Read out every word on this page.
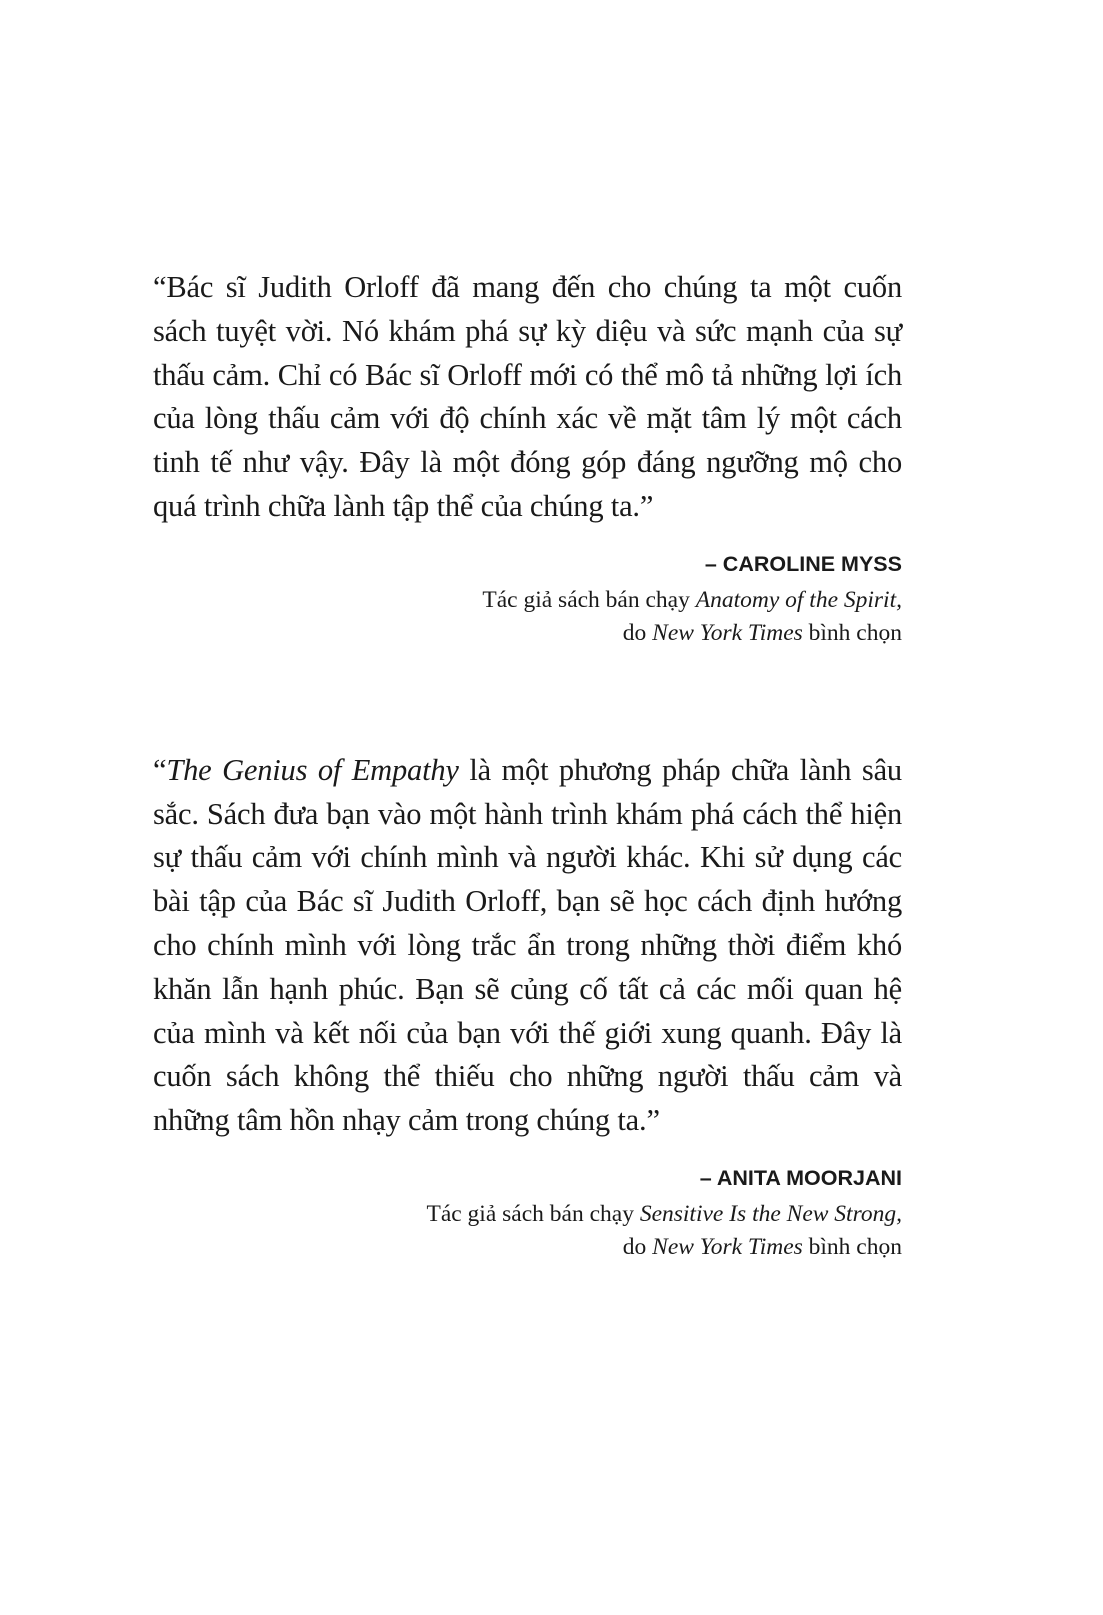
“Bác sĩ Judith Orloff đã mang đến cho chúng ta một cuốn sách tuyệt vời. Nó khám phá sự kỳ diệu và sức mạnh của sự thấu cảm. Chỉ có Bác sĩ Orloff mới có thể mô tả những lợi ích của lòng thấu cảm với độ chính xác về mặt tâm lý một cách tinh tế như vậy. Đây là một đóng góp đáng ngưỡng mộ cho quá trình chữa lành tập thể của chúng ta.”

– CAROLINE MYSS

Tác giả sách bán chạy Anatomy of the Spirit,
do New York Times bình chọn

“The Genius of Empathy là một phương pháp chữa lành sâu sắc. Sách đưa bạn vào một hành trình khám phá cách thể hiện sự thấu cảm với chính mình và người khác. Khi sử dụng các bài tập của Bác sĩ Judith Orloff, bạn sẽ học cách định hướng cho chính mình với lòng trắc ẩn trong những thời điểm khó khăn lẫn hạnh phúc. Bạn sẽ củng cố tất cả các mối quan hệ của mình và kết nối của bạn với thế giới xung quanh. Đây là cuốn sách không thể thiếu cho những người thấu cảm và những tâm hồn nhạy cảm trong chúng ta.”

– ANITA MOORJANI

Tác giả sách bán chạy Sensitive Is the New Strong,
do New York Times bình chọn
